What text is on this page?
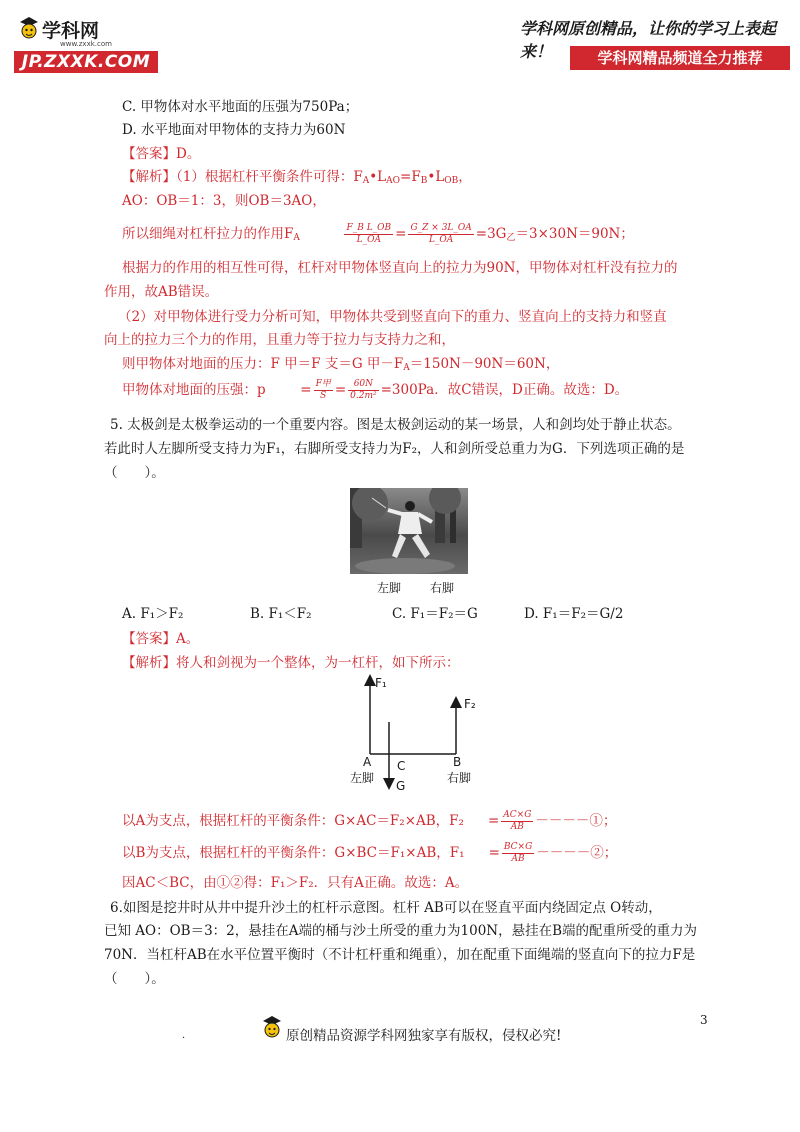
学科网
www.zxxk.com
JP.ZXXK.COM
学科网原创精品，让你的学习上表起来！	学科网精品频道全力推荐
C. 甲物体对水平地面的压强为750Pa；
D. 水平地面对甲物体的支持力为60N
【答案】D。
【解析】（1）根据杠杆平衡条件可得：$F_A•L_{AO}=F_B•L_{OB}$，
AO：OB＝1：3，则OB＝3AO，
所以细绳对杠杆拉力的作用$F_A$	$\frac{\text{F\_B L\_OB}}{L\_OA} = \frac{G\_Z \times 3L\_OA}{L\_OA} =3G_乙=3\times 30N=90N$；
根据力的作用的相互性可得，杠杆对甲物体竖直向上的拉力为90N，甲物体对杠杆没有拉力的
作用，故AB错误。
（2）对甲物体进行受力分析可知，甲物体共受到竖直向下的重力、竖直向上的支持力和竖直
向上的拉力三个力的作用，且重力等于拉力与支持力之和，
则甲物体对地面的压力：F 甲＝F 支＝G 甲$-F_A=150N-90N=60N$，
甲物体对地面的压强：$p = \frac{\text{F甲}}{S} = \frac{60N}{\text{0.2m²}} =300Pa$．故C错误，D正确。故选：D。
5. 太极剑是太极拳运动的一个重要内容。图是太极剑运动的某一场景，人和剑均处于静止状态。
若此时人左脚所受支持力为F₁，右脚所受支持力为F₂，人和剑所受总重力为G．下列选项正确的是
（　　）。
左脚 右脚
A. F₁＞F₂	B. F₁＜F₂	C. F₁＝F₂＝G	D. F₁＝F₂＝G/2
【答案】A。
【解析】将人和剑视为一个整体，为一杠杆，如下所示：
F₁
F₂
A C	B
左脚	右脚
G
以A为支点，根据杠杆的平衡条件：G×AC＝F₂×AB，$F_2 = \frac{AC\times G}{AB}$ －－－－①；
以B为支点，根据杠杆的平衡条件：G×BC＝F₁×AB，$F_1 = \frac{BC\times G}{AB}$ －－－－②；
因AC＜BC，由①②得：F₁＞F₂．只有A正确。故选：A。
6.如图是挖井时从井中提升沙土的杠杆示意图。杠杆 AB可以在竖直平面内绕固定点 O转动，
已知 AO：OB＝3：2，悬挂在A端的桶与沙土所受的重力为100N，悬挂在B端的配重所受的重力为
70N．当杠杆AB在水平位置平衡时（不计杠杆重和绳重），加在配重下面绳端的竖直向下的拉力F是
（　　）。
3
.	原创精品资源学科网独家享有版权，侵权必究!
